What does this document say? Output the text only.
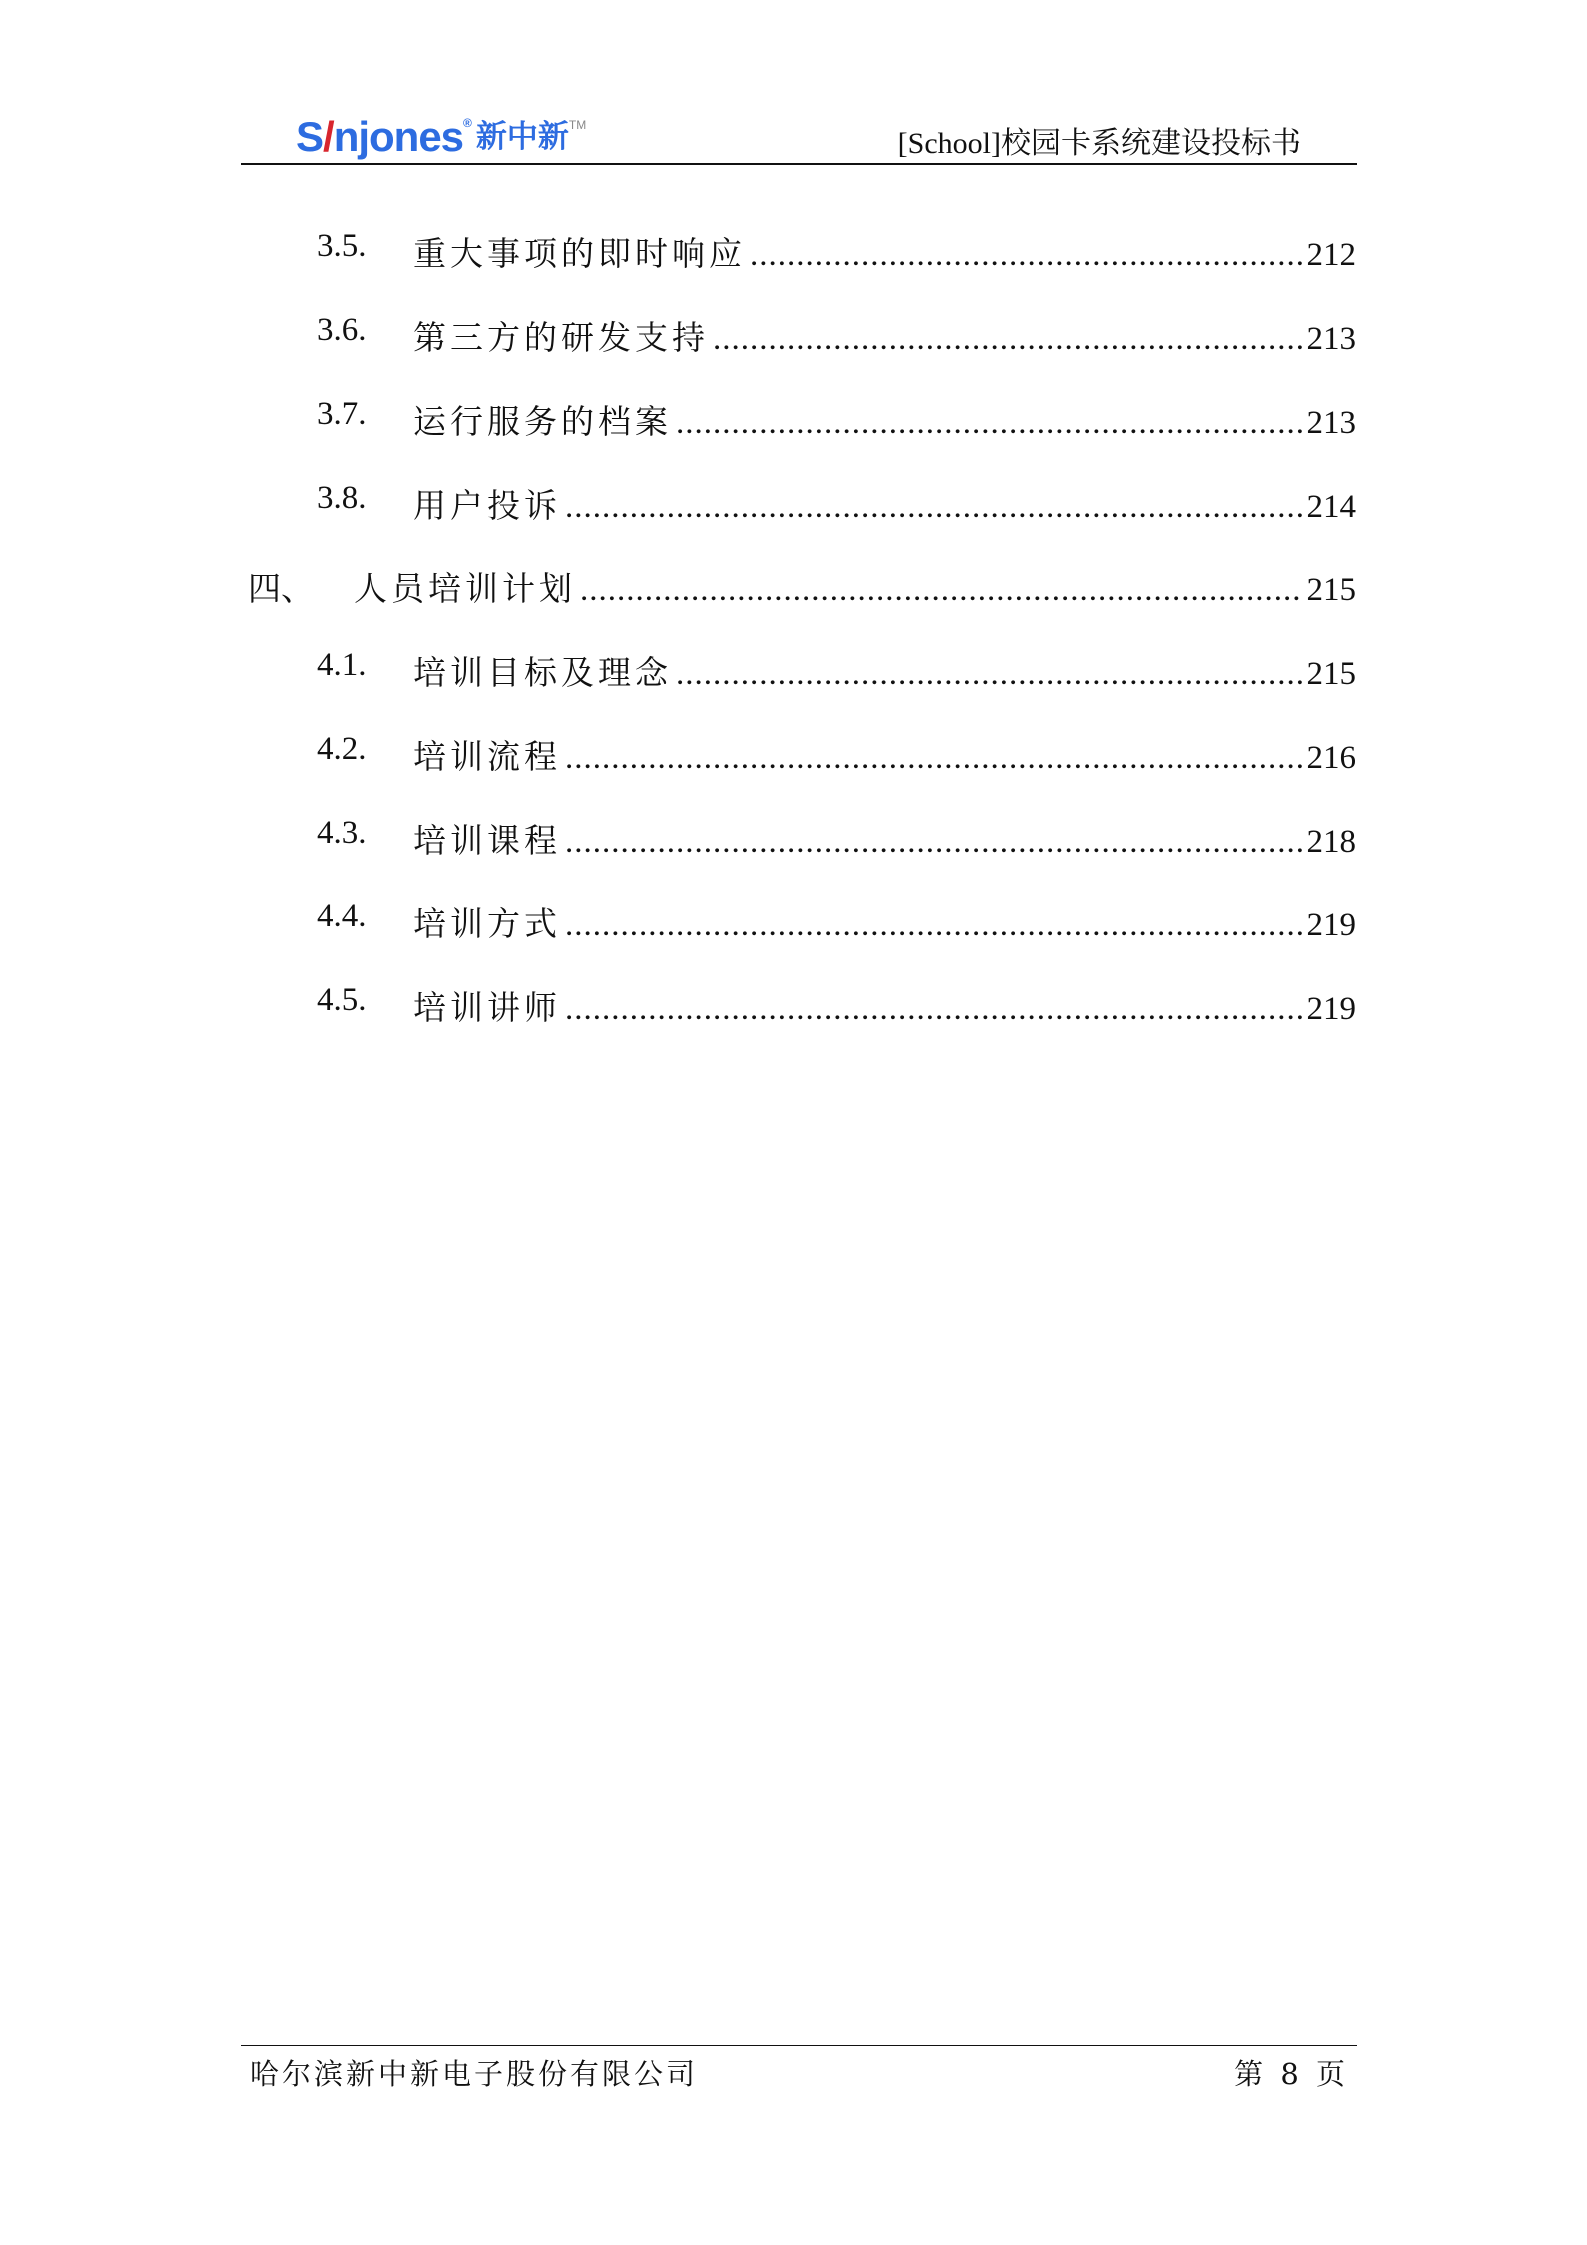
S/njones ® 新中新 TM
[School]校园卡系统建设投标书
3.5. 重大事项的即时响应 .....	212
3.6. 第三方的研发支持 .....	213
3.7. 运行服务的档案 .....	213
3.8. 用户投诉 .....	214
四、 人员培训计划 .....	215
4.1. 培训目标及理念 .....	215
4.2. 培训流程 .....	216
4.3. 培训课程 .....	218
4.4. 培训方式 .....	219
4.5. 培训讲师 .....	219
哈尔滨新中新电子股份有限公司	第 8 页
